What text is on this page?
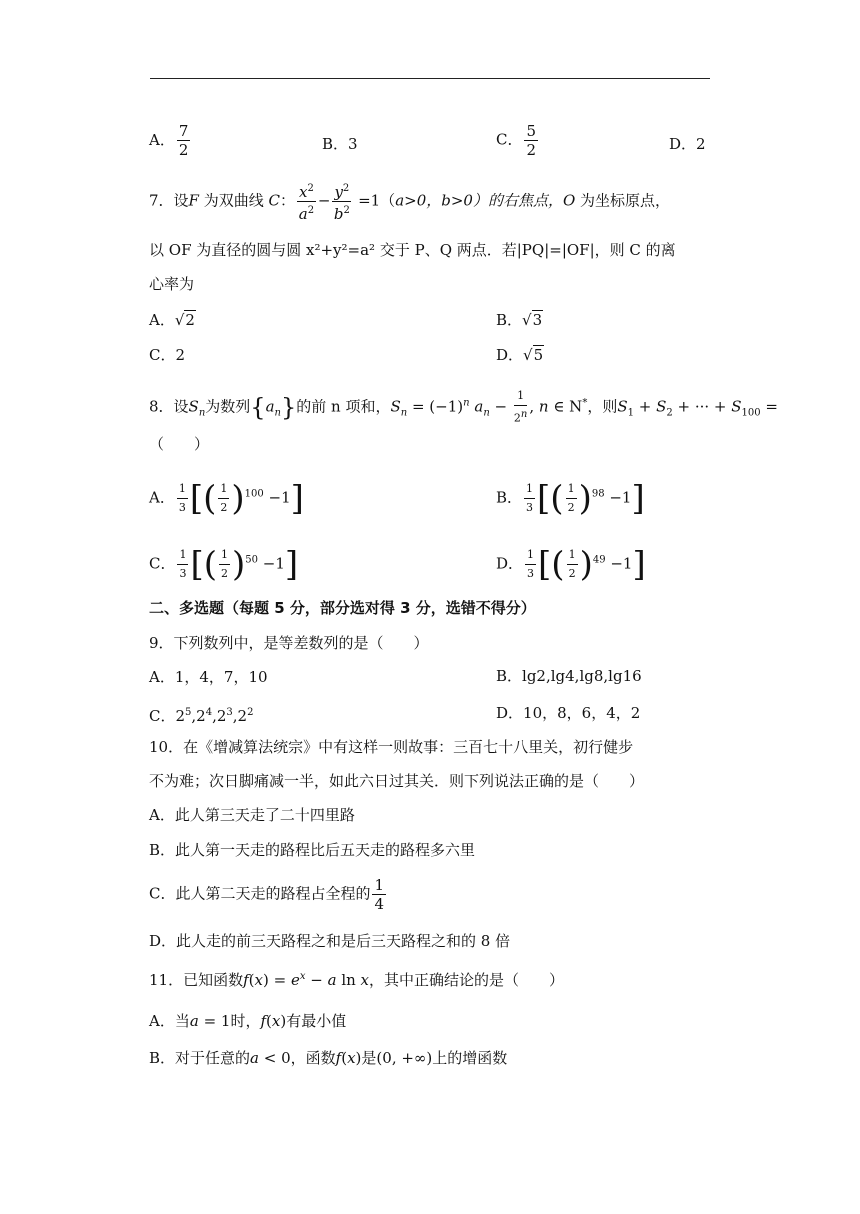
A． $\frac{7}{2}$	B．3	C． $\frac{5}{2}$	D．2
7．设F 为双曲线 C： $\frac{x^2}{a^2} - \frac{y^2}{b^2} =1(a>0$，b>0）的右焦点，O 为坐标原点，
以 OF 为直径的圆与圆 x²+y²=a² 交于 P、Q 两点．若|PQ|=|OF|，则 C 的离
心率为
A．√2	B．√3
C．2	D．√5
8．设$S_n$为数列$\{a_n\}$的前 n 项和，$S_n = (-1)^n$ $a_n - \frac{1}{2^n}$ , n ∈ N*，则$S_1 + S_2$ + ··· + $S_{100}$ =
（　　）
A． $\frac{1}{3}$ [( $\frac{1}{2} )^{100} -1$]	B． $\frac{1}{3}$ [( $\frac{1}{2} )^{98} -1$]
C． $\frac{1}{3}$ [( $\frac{1}{2} )^{50} -1$]	D． $\frac{1}{3}$ [( $\frac{1}{2} )^{49} -1$]
二、多选题（每题 5 分，部分选对得 3 分，选错不得分）
9．下列数列中，是等差数列的是（　　）
A．1，4，7，10	B．lg2,lg4,lg8,lg16
C．$2^5,2^4,2^3,2^2$	D．10，8，6，4，2
10．在《增减算法统宗》中有这样一则故事：三百七十八里关，初行健步
不为难；次日脚痛减一半，如此六日过其关．则下列说法正确的是（　　）
A．此人第三天走了二十四里路
B．此人第一天走的路程比后五天走的路程多六里
C．此人第二天走的路程占全程的 $\frac{1}{4}$
D．此人走的前三天路程之和是后三天路程之和的 8 倍
11．已知函数$f(x) = e^x - a$ ln x，其中正确结论的是（　　）
A．当a = 1时，f(x)有最小值
B．对于任意的a < 0，函数f(x)是(0, +∞)上的增函数
